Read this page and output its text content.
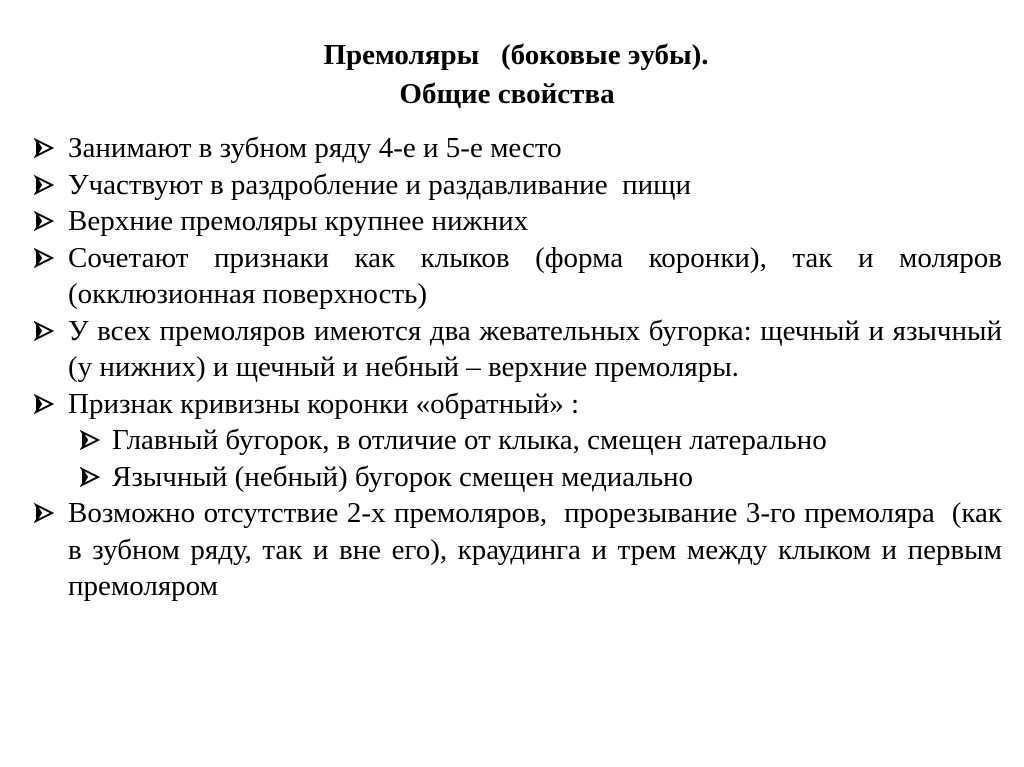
Премоляры   (боковые эубы).
Общие свойства
Занимают в зубном ряду 4-е и 5-е место
Участвуют в раздробление и раздавливание  пищи
Верхние премоляры крупнее нижних
Сочетают признаки как клыков (форма коронки), так и моляров  (окклюзионная поверхность)
У всех премоляров имеются два жевательных бугорка: щечный и язычный (у нижних) и щечный и небный – верхние премоляры.
Признак кривизны коронки «обратный» :
Главный бугорок, в отличие от клыка, смещен латерально
Язычный (небный) бугорок смещен медиально
Возможно отсутствие 2-х премоляров,  прорезывание 3-го премоляра  (как в зубном ряду, так и вне его), краудинга и трем между клыком и первым премоляром
